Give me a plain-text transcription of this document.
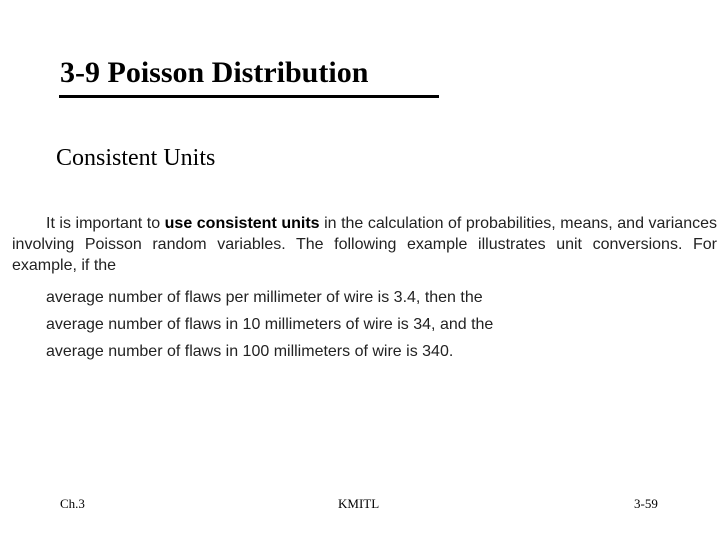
3-9 Poisson Distribution
Consistent Units
It is important to use consistent units in the calculation of probabilities, means, and variances involving Poisson random variables. The following example illustrates unit conversions. For example, if the
average number of flaws per millimeter of wire is 3.4, then the
average number of flaws in 10 millimeters of wire is 34, and the
average number of flaws in 100 millimeters of wire is 340.
Ch.3	KMITL	3-59
